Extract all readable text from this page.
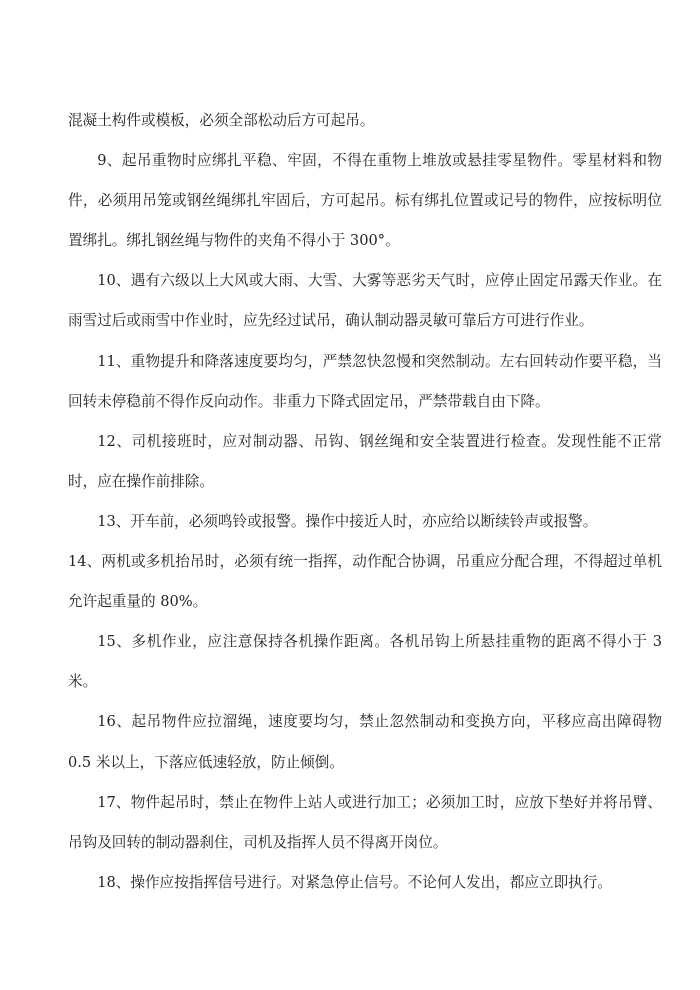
混凝土构件或模板，必须全部松动后方可起吊。

9、起吊重物时应绑扎平稳、牢固，不得在重物上堆放或悬挂零星物件。零星材料和物件，必须用吊笼或钢丝绳绑扎牢固后，方可起吊。标有绑扎位置或记号的物件，应按标明位置绑扎。绑扎钢丝绳与物件的夹角不得小于 300°。

10、遇有六级以上大风或大雨、大雪、大雾等恶劣天气时，应停止固定吊露天作业。在雨雪过后或雨雪中作业时，应先经过试吊，确认制动器灵敏可靠后方可进行作业。

11、重物提升和降落速度要均匀，严禁忽快忽慢和突然制动。左右回转动作要平稳，当回转未停稳前不得作反向动作。非重力下降式固定吊，严禁带载自由下降。

12、司机接班时，应对制动器、吊钩、钢丝绳和安全装置进行检查。发现性能不正常时，应在操作前排除。

13、开车前，必须鸣铃或报警。操作中接近人时，亦应给以断续铃声或报警。

14、两机或多机抬吊时，必须有统一指挥，动作配合协调，吊重应分配合理，不得超过单机允许起重量的 80%。

15、多机作业，应注意保持各机操作距离。各机吊钩上所悬挂重物的距离不得小于 3 米。

16、起吊物件应拉溜绳，速度要均匀，禁止忽然制动和变换方向，平移应高出障碍物 0.5 米以上，下落应低速轻放，防止倾倒。

17、物件起吊时，禁止在物件上站人或进行加工；必须加工时，应放下垫好并将吊臂、吊钩及回转的制动器刹住，司机及指挥人员不得离开岗位。

18、操作应按指挥信号进行。对紧急停止信号。不论何人发出，都应立即执行。
